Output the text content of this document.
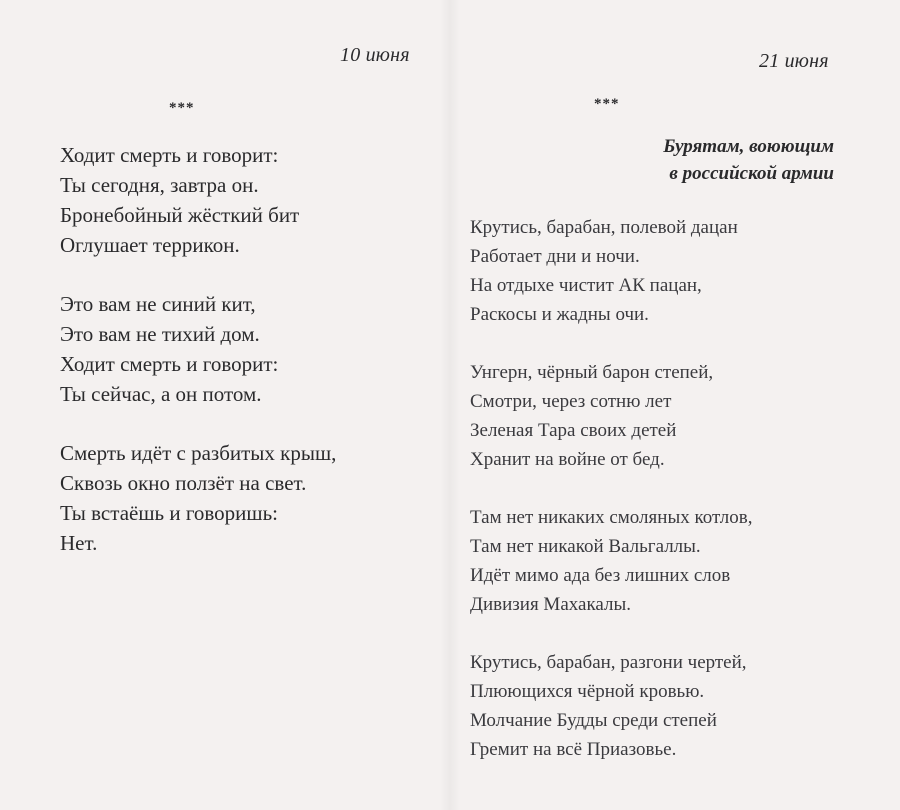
10 июня
***
Ходит смерть и говорит:
Ты сегодня, завтра он.
Бронебойный жёсткий бит
Оглушает террикон.
Это вам не синий кит,
Это вам не тихий дом.
Ходит смерть и говорит:
Ты сейчас, а он потом.
Смерть идёт с разбитых крыш,
Сквозь окно ползёт на свет.
Ты встаёшь и говоришь:
Нет.
21 июня
***
Бурятам, воюющим
в российской армии
Крутись, барабан, полевой дацан
Работает дни и ночи.
На отдыхе чистит АК пацан,
Раскосы и жадны очи.
Унгерн, чёрный барон степей,
Смотри, через сотню лет
Зеленая Тара своих детей
Хранит на войне от бед.
Там нет никаких смоляных котлов,
Там нет никакой Вальгаллы.
Идёт мимо ада без лишних слов
Дивизия Махакалы.
Крутись, барабан, разгони чертей,
Плюющихся чёрной кровью.
Молчание Будды среди степей
Гремит на всё Приазовье.
